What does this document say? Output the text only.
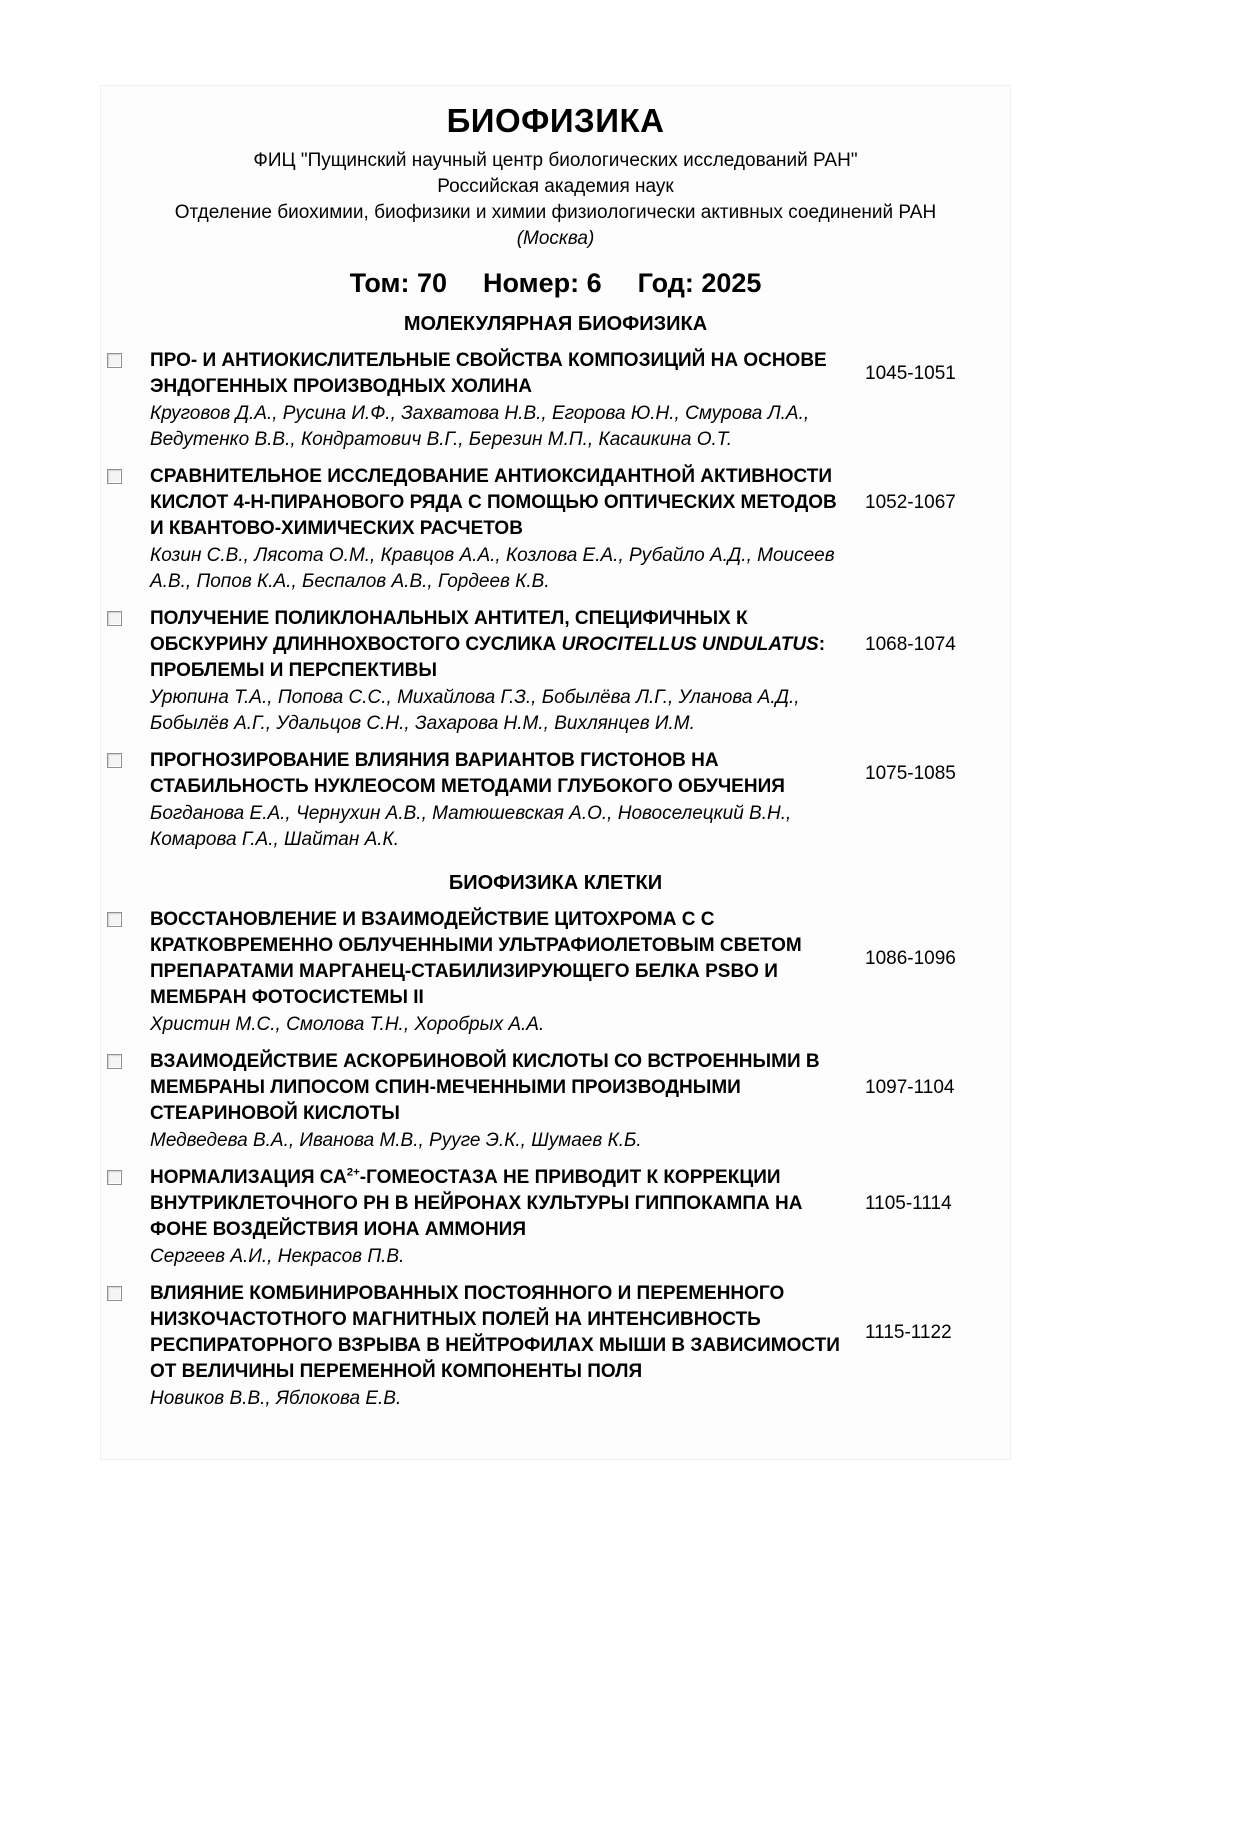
БИОФИЗИКА
ФИЦ "Пущинский научный центр биологических исследований РАН"
Российская академия наук
Отделение биохимии, биофизики и химии физиологически активных соединений РАН
(Москва)
Том: 70 Номер: 6 Год: 2025
МОЛЕКУЛЯРНАЯ БИОФИЗИКА
ПРО- И АНТИОКИСЛИТЕЛЬНЫЕ СВОЙСТВА КОМПОЗИЦИЙ НА ОСНОВЕ ЭНДОГЕННЫХ ПРОИЗВОДНЫХ ХОЛИНА
1045-1051
Круговов Д.А., Русина И.Ф., Захватова Н.В., Егорова Ю.Н., Смурова Л.А., Ведутенко В.В., Кондратович В.Г., Березин М.П., Касаикина О.Т.
СРАВНИТЕЛЬНОЕ ИССЛЕДОВАНИЕ АНТИОКСИДАНТНОЙ АКТИВНОСТИ КИСЛОТ 4-Н-ПИРАНОВОГО РЯДА С ПОМОЩЬЮ ОПТИЧЕСКИХ МЕТОДОВ И КВАНТОВО-ХИМИЧЕСКИХ РАСЧЕТОВ
1052-1067
Козин С.В., Лясота О.М., Кравцов А.А., Козлова Е.А., Рубайло А.Д., Моисеев А.В., Попов К.А., Беспалов А.В., Гордеев К.В.
ПОЛУЧЕНИЕ ПОЛИКЛОНАЛЬНЫХ АНТИТЕЛ, СПЕЦИФИЧНЫХ К ОБСКУРИНУ ДЛИННОХВОСТОГО СУСЛИКА UROCITELLUS UNDULATUS: ПРОБЛЕМЫ И ПЕРСПЕКТИВЫ
1068-1074
Урюпина Т.А., Попова С.С., Михайлова Г.З., Бобылёва Л.Г., Уланова А.Д., Бобылёв А.Г., Удальцов С.Н., Захарова Н.М., Вихлянцев И.М.
ПРОГНОЗИРОВАНИЕ ВЛИЯНИЯ ВАРИАНТОВ ГИСТОНОВ НА СТАБИЛЬНОСТЬ НУКЛЕОСОМ МЕТОДАМИ ГЛУБОКОГО ОБУЧЕНИЯ
1075-1085
Богданова Е.А., Чернухин А.В., Матюшевская А.О., Новоселецкий В.Н., Комарова Г.А., Шайтан А.К.
БИОФИЗИКА КЛЕТКИ
ВОССТАНОВЛЕНИЕ И ВЗАИМОДЕЙСТВИЕ ЦИТОХРОМА С С КРАТКОВРЕМЕННО ОБЛУЧЕННЫМИ УЛЬТРАФИОЛЕТОВЫМ СВЕТОМ ПРЕПАРАТАМИ МАРГАНЕЦ-СТАБИЛИЗИРУЮЩЕГО БЕЛКА PSBO И МЕМБРАН ФОТОСИСТЕМЫ II
1086-1096
Христин М.С., Смолова Т.Н., Хоробрых А.А.
ВЗАИМОДЕЙСТВИЕ АСКОРБИНОВОЙ КИСЛОТЫ СО ВСТРОЕННЫМИ В МЕМБРАНЫ ЛИПОСОМ СПИН-МЕЧЕННЫМИ ПРОИЗВОДНЫМИ СТЕАРИНОВОЙ КИСЛОТЫ
1097-1104
Медведева В.А., Иванова М.В., Рууге Э.К., Шумаев К.Б.
НОРМАЛИЗАЦИЯ $СА^{2+}$-ГОМЕОСТАЗА НЕ ПРИВОДИТ К КОРРЕКЦИИ ВНУТРИКЛЕТОЧНОГО РН В НЕЙРОНАХ КУЛЬТУРЫ ГИППОКАМПА НА ФОНЕ ВОЗДЕЙСТВИЯ ИОНА АММОНИЯ
1105-1114
Сергеев А.И., Некрасов П.В.
ВЛИЯНИЕ КОМБИНИРОВАННЫХ ПОСТОЯННОГО И ПЕРЕМЕННОГО НИЗКОЧАСТОТНОГО МАГНИТНЫХ ПОЛЕЙ НА ИНТЕНСИВНОСТЬ РЕСПИРАТОРНОГО ВЗРЫВА В НЕЙТРОФИЛАХ МЫШИ В ЗАВИСИМОСТИ ОТ ВЕЛИЧИНЫ ПЕРЕМЕННОЙ КОМПОНЕНТЫ ПОЛЯ
1115-1122
Новиков В.В., Яблокова Е.В.
